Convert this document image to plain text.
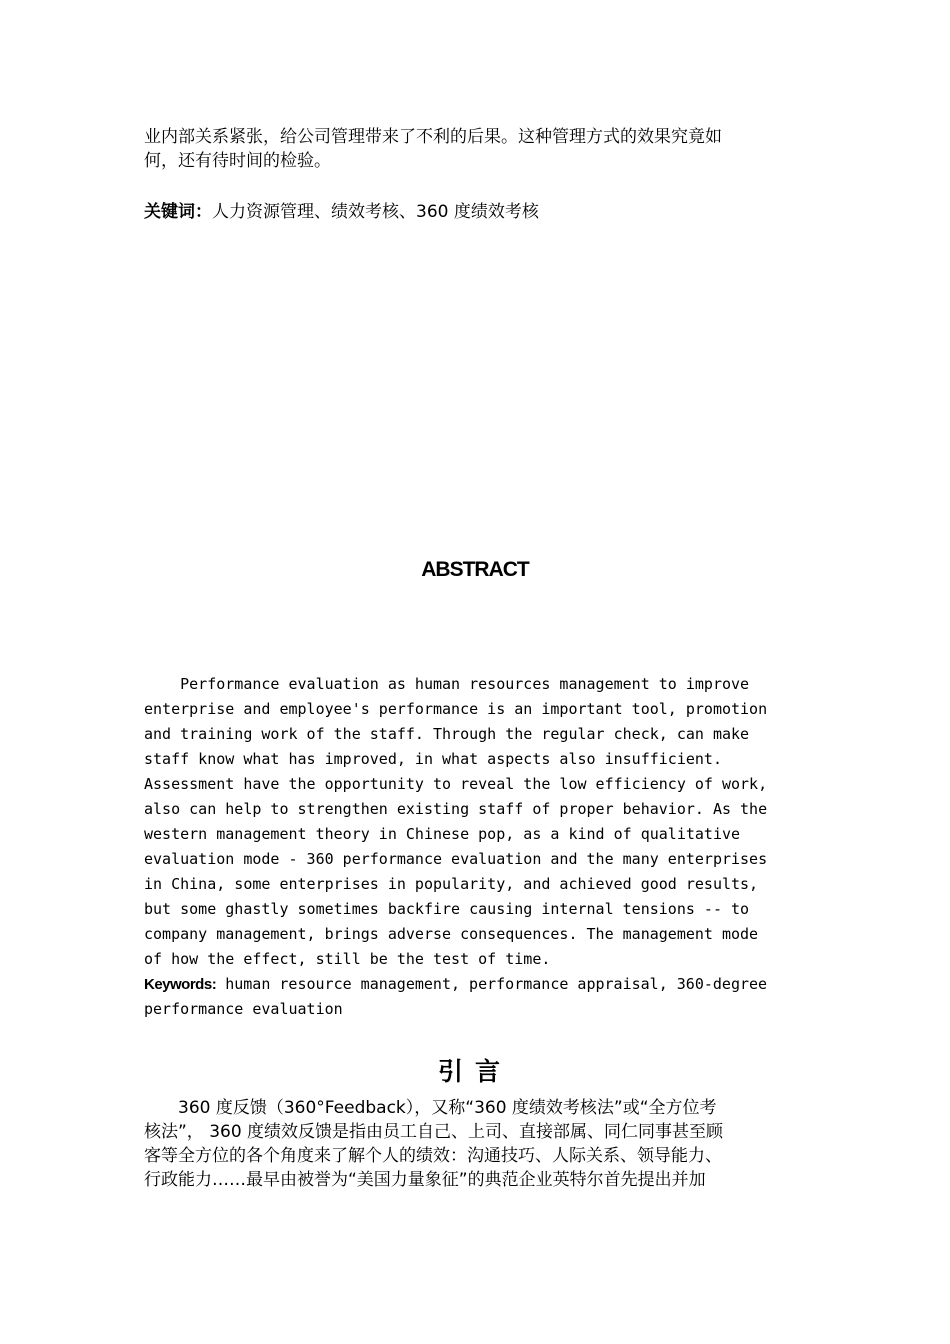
业内部关系紧张，给公司管理带来了不利的后果。这种管理方式的效果究竟如
何，还有待时间的检验。
关键词：人力资源管理、绩效考核、360 度绩效考核
ABSTRACT
Performance evaluation as human resources management to improve
enterprise and employee's performance is an important tool, promotion
and training work of the staff. Through the regular check, can make
staff know what has improved, in what aspects also insufficient.
Assessment have the opportunity to reveal the low efficiency of work,
also can help to strengthen existing staff of proper behavior. As the
western management theory in Chinese pop, as a kind of qualitative
evaluation mode - 360 performance evaluation and the many enterprises
in China, some enterprises in popularity, and achieved good results,
but some ghastly sometimes backfire causing internal tensions -- to
company management, brings adverse consequences. The management mode
of how the effect, still be the test of time.
Keywords: human resource management, performance appraisal, 360-degree
performance evaluation
引言
　　360 度反馈（360°Feedback），又称“360 度绩效考核法”或“全方位考
核法”， 360 度绩效反馈是指由员工自己、上司、直接部属、同仁同事甚至顾
客等全方位的各个角度来了解个人的绩效：沟通技巧、人际关系、领导能力、
行政能力……最早由被誉为“美国力量象征”的典范企业英特尔首先提出并加
